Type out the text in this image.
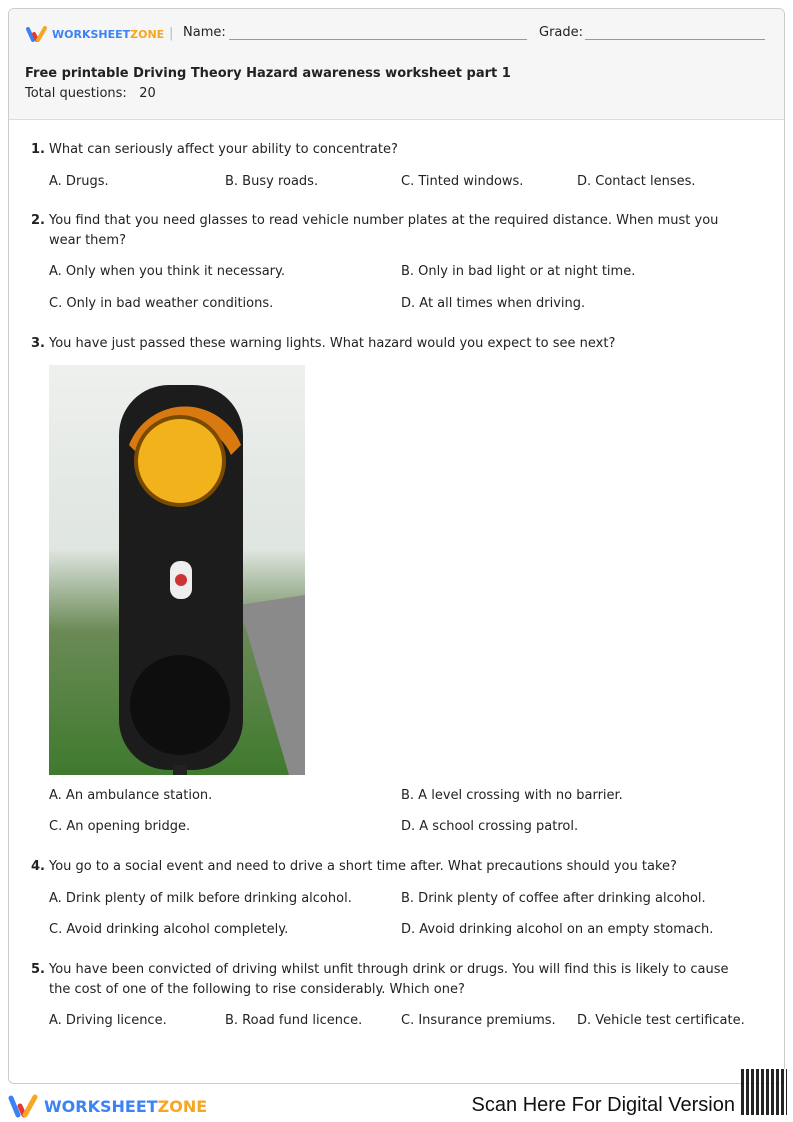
WORKSHEETZONE | Name:	Grade:
Free printable Driving Theory Hazard awareness worksheet part 1
Total questions: 20
1. What can seriously affect your ability to concentrate?
A. Drugs.	B. Busy roads.	C. Tinted windows.	D. Contact lenses.
2. You find that you need glasses to read vehicle number plates at the required distance. When must you wear them?
A. Only when you think it necessary.	B. Only in bad light or at night time.
C. Only in bad weather conditions.	D. At all times when driving.
3. You have just passed these warning lights. What hazard would you expect to see next?
A. An ambulance station.	B. A level crossing with no barrier.
C. An opening bridge.	D. A school crossing patrol.
4. You go to a social event and need to drive a short time after. What precautions should you take?
A. Drink plenty of milk before drinking alcohol.	B. Drink plenty of coffee after drinking alcohol.
C. Avoid drinking alcohol completely.	D. Avoid drinking alcohol on an empty stomach.
5. You have been convicted of driving whilst unfit through drink or drugs. You will find this is likely to cause the cost of one of the following to rise considerably. Which one?
A. Driving licence.	B. Road fund licence.	C. Insurance premiums. D. Vehicle test certificate.
WORKSHEETZONE	Scan Here For Digital Version
